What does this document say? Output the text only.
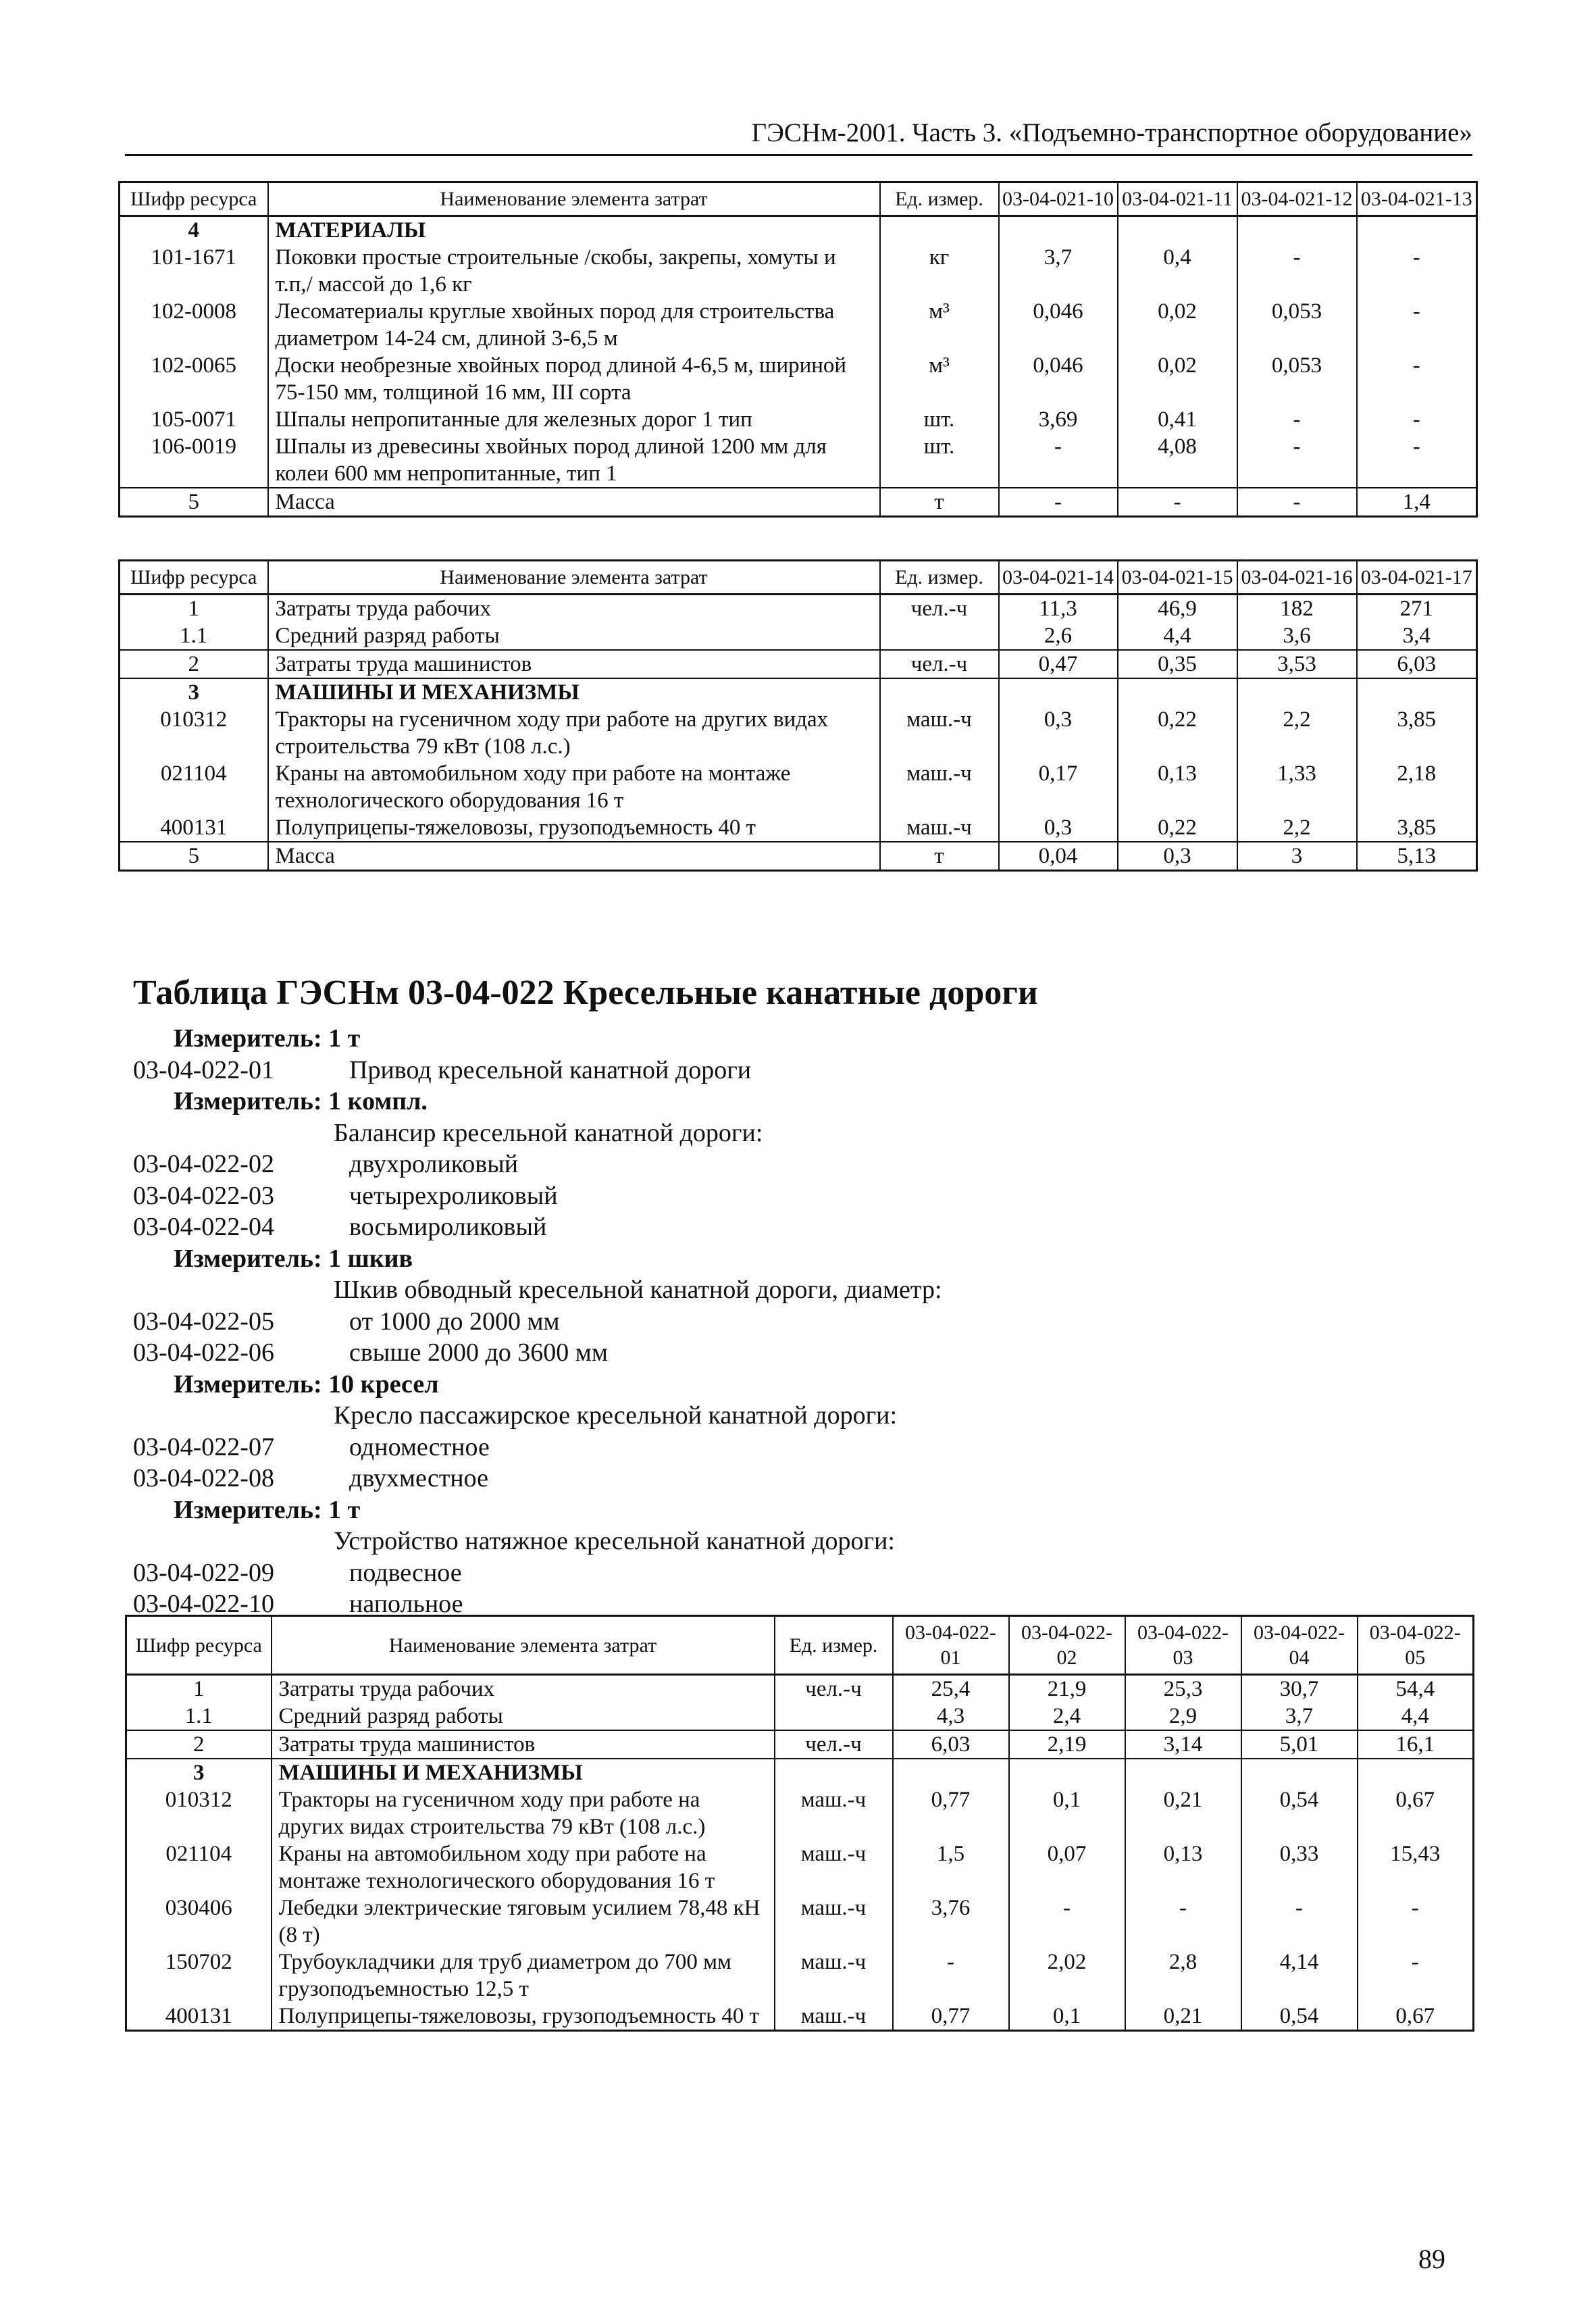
ГЭСНм-2001. Часть 3. «Подъемно-транспортное оборудование»
Шифр ресурса	Наименование элемента затрат	Ед. измер.	03-04-021-10	03-04-021-11	03-04-021-12	03-04-021-13
4	МАТЕРИАЛЫ					
101-1671	Поковки простые строительные /скобы, закрепы, хомуты и т.п,/ массой до 1,6 кг	кг	3,7	0,4	-	-
102-0008	Лесоматериалы круглые хвойных пород для строительства диаметром 14-24 см, длиной 3-6,5 м	м³	0,046	0,02	0,053	-
102-0065	Доски необрезные хвойных пород длиной 4-6,5 м, шириной 75-150 мм, толщиной 16 мм, III сорта	м³	0,046	0,02	0,053	-
105-0071	Шпалы непропитанные для железных дорог 1 тип	шт.	3,69	0,41	-	-
106-0019	Шпалы из древесины хвойных пород длиной 1200 мм для колеи 600 мм непропитанные, тип 1	шт.	-	4,08	-	-
5	Масса	т	-	-	-	1,4
Шифр ресурса	Наименование элемента затрат	Ед. измер.	03-04-021-14	03-04-021-15	03-04-021-16	03-04-021-17
1	Затраты труда рабочих	чел.-ч	11,3	46,9	182	271
1.1	Средний разряд работы		2,6	4,4	3,6	3,4
2	Затраты труда машинистов	чел.-ч	0,47	0,35	3,53	6,03
3	МАШИНЫ И МЕХАНИЗМЫ					
010312	Тракторы на гусеничном ходу при работе на других видах строительства 79 кВт (108 л.с.)	маш.-ч	0,3	0,22	2,2	3,85
021104	Краны на автомобильном ходу при работе на монтаже технологического оборудования 16 т	маш.-ч	0,17	0,13	1,33	2,18
400131	Полуприцепы-тяжеловозы, грузоподъемность 40 т	маш.-ч	0,3	0,22	2,2	3,85
5	Масса	т	0,04	0,3	3	5,13
Таблица ГЭСНм 03-04-022 Кресельные канатные дороги
Измеритель: 1 т
03-04-022-01	Привод кресельной канатной дороги
Измеритель: 1 компл.
Балансир кресельной канатной дороги:
03-04-022-02	двухроликовый
03-04-022-03	четырехроликовый
03-04-022-04	восьмироликовый
Измеритель: 1 шкив
Шкив обводный кресельной канатной дороги, диаметр:
03-04-022-05	от 1000 до 2000 мм
03-04-022-06	свыше 2000 до 3600 мм
Измеритель: 10 кресел
Кресло пассажирское кресельной канатной дороги:
03-04-022-07	одноместное
03-04-022-08	двухместное
Измеритель: 1 т
Устройство натяжное кресельной канатной дороги:
03-04-022-09	подвесное
03-04-022-10	напольное
Шифр ресурса	Наименование элемента затрат	Ед. измер.	03-04-022-01	03-04-022-02	03-04-022-03	03-04-022-04	03-04-022-05
1	Затраты труда рабочих	чел.-ч	25,4	21,9	25,3	30,7	54,4
1.1	Средний разряд работы		4,3	2,4	2,9	3,7	4,4
2	Затраты труда машинистов	чел.-ч	6,03	2,19	3,14	5,01	16,1
3	МАШИНЫ И МЕХАНИЗМЫ						
010312	Тракторы на гусеничном ходу при работе на других видах строительства 79 кВт (108 л.с.)	маш.-ч	0,77	0,1	0,21	0,54	0,67
021104	Краны на автомобильном ходу при работе на монтаже технологического оборудования 16 т	маш.-ч	1,5	0,07	0,13	0,33	15,43
030406	Лебедки электрические тяговым усилием 78,48 кН (8 т)	маш.-ч	3,76	-	-	-	-
150702	Трубоукладчики для труб диаметром до 700 мм грузоподъемностью 12,5 т	маш.-ч	-	2,02	2,8	4,14	-
400131	Полуприцепы-тяжеловозы, грузоподъемность 40 т	маш.-ч	0,77	0,1	0,21	0,54	0,67
89
